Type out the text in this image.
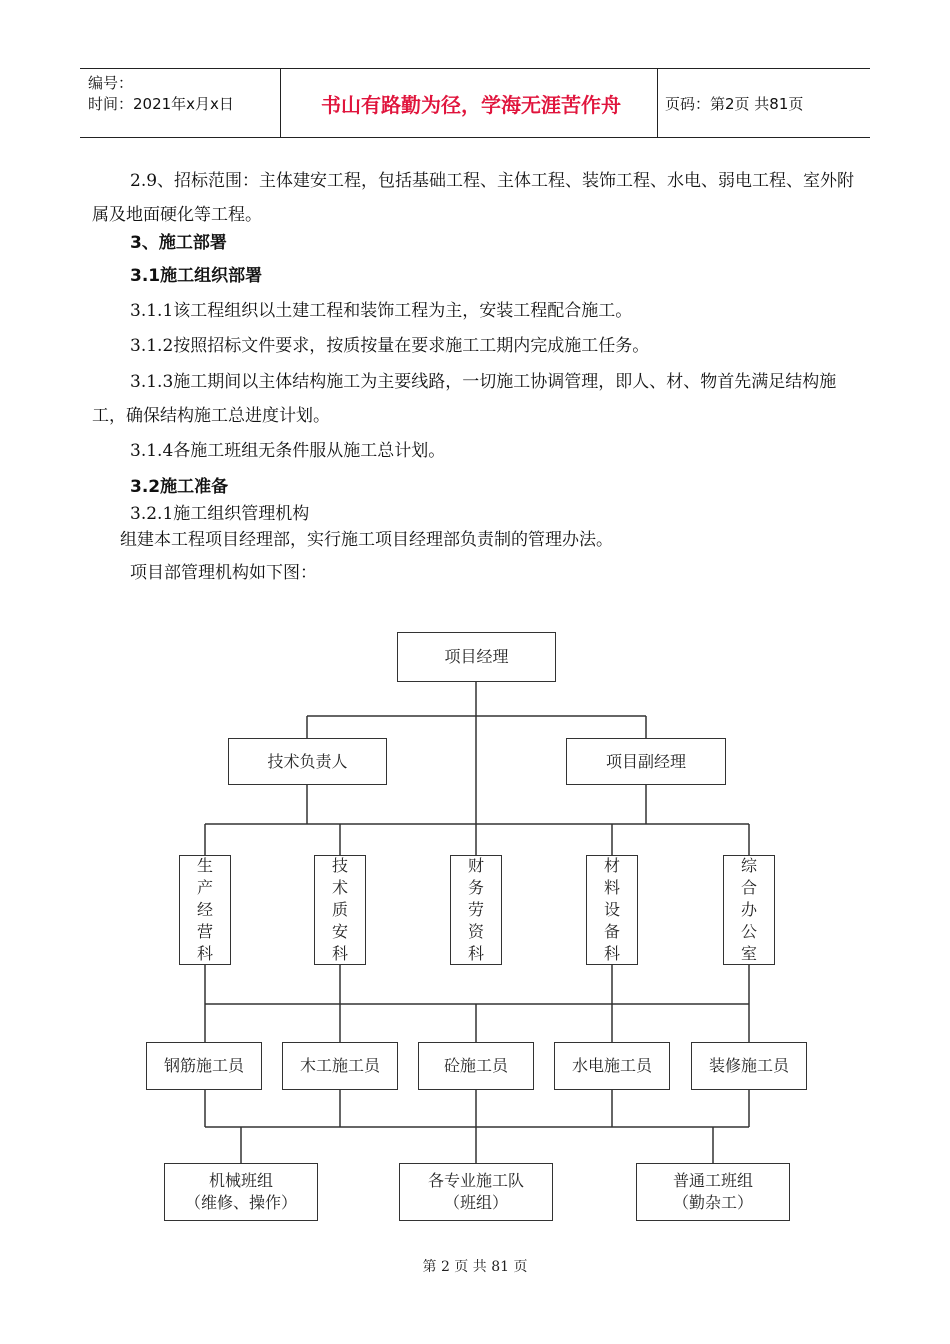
编号：
时间：2021年x月x日	书山有路勤为径，学海无涯苦作舟	页码：第2页 共81页

2.9、招标范围：主体建安工程，包括基础工程、主体工程、装饰工程、水电、弱电工程、室外附属及地面硬化等工程。

3、施工部署

3.1施工组织部署

3.1.1该工程组织以土建工程和装饰工程为主，安装工程配合施工。

3.1.2按照招标文件要求，按质按量在要求施工工期内完成施工任务。

3.1.3施工期间以主体结构施工为主要线路，一切施工协调管理，即人、材、物首先满足结构施工，确保结构施工总进度计划。

3.1.4各施工班组无条件服从施工总计划。

3.2施工准备

3.2.1施工组织管理机构

组建本工程项目经理部，实行施工项目经理部负责制的管理办法。

项目部管理机构如下图：

项目经理
技术负责人	项目副经理
生
产
经
营
科
技
术
质
安
科
财
务
劳
资
科
材
料
设
备
科
综
合
办
公
室
钢筋施工员	木工施工员	砼施工员	水电施工员	装修施工员
机械班组
（维修、操作）
各专业施工队
（班组）
普通工班组
（勤杂工）
第 2 页 共 81 页
